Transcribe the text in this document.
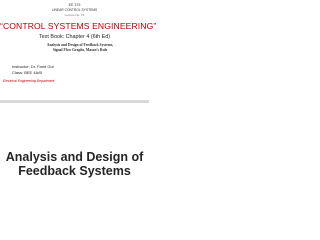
EE 379
LINEAR CONTROL SYSTEMS
Lecture No. 15
“CONTROL SYSTEMS ENGINEERING”
Text Book: Chapter 4 (6th Ed)
Analysis and Design of Feedback Systems,
Signal Flow Graphs, Mason's Rule
Instructor: Dr. Farid Gul
Class: BEE 4A/B
Electrical Engineering Department
Analysis and Design of
Feedback Systems
